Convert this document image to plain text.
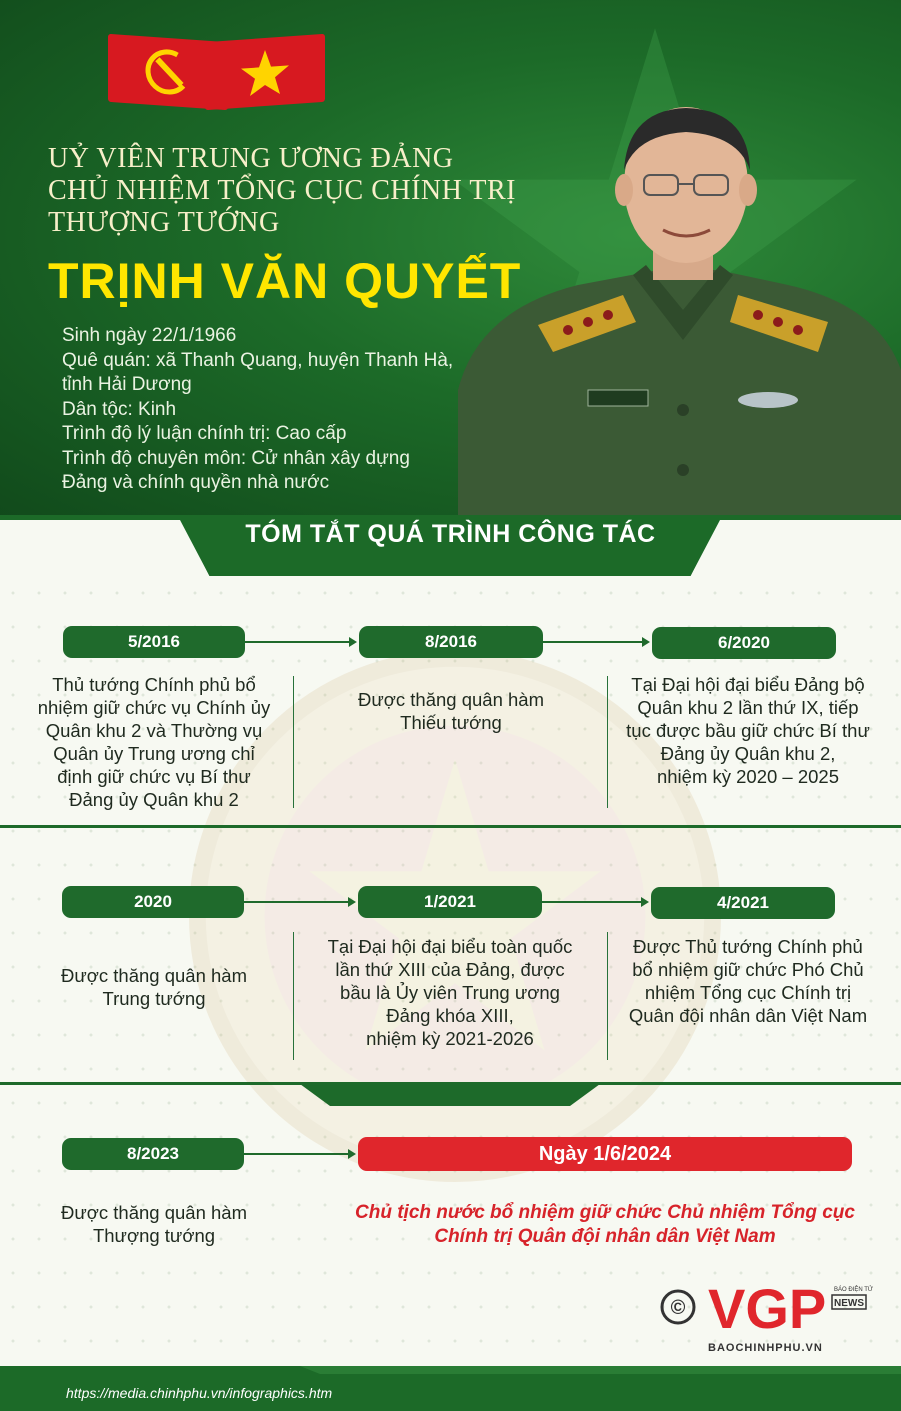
UỶ VIÊN TRUNG ƯƠNG ĐẢNG
CHỦ NHIỆM TỔNG CỤC CHÍNH TRỊ
THƯỢNG TƯỚNG
TRỊNH VĂN QUYẾT
Sinh ngày 22/1/1966
Quê quán: xã Thanh Quang, huyện Thanh Hà,
tỉnh Hải Dương
Dân tộc: Kinh
Trình độ lý luận chính trị: Cao cấp
Trình độ chuyên môn: Cử nhân xây dựng
Đảng và chính quyền nhà nước
TÓM TẮT QUÁ TRÌNH CÔNG TÁC
5/2016	8/2016	6/2020

Thủ tướng Chính phủ bổ
nhiệm giữ chức vụ Chính ủy
Quân khu 2 và Thường vụ
Quân ủy Trung ương chỉ
định giữ chức vụ Bí thư
Đảng ủy Quân khu 2

Được thăng quân hàm
Thiếu tướng

Tại Đại hội đại biểu Đảng bộ
Quân khu 2 lần thứ IX, tiếp
tục được bầu giữ chức Bí thư
Đảng ủy Quân khu 2,
nhiệm kỳ 2020 – 2025

2020	1/2021	4/2021

Được thăng quân hàm
Trung tướng

Tại Đại hội đại biểu toàn quốc
lần thứ XIII của Đảng, được
bầu là Ủy viên Trung ương
Đảng khóa XIII,
nhiệm kỳ 2021-2026

Được Thủ tướng Chính phủ
bổ nhiệm giữ chức Phó Chủ
nhiệm Tổng cục Chính trị
Quân đội nhân dân Việt Nam

8/2023	Ngày 1/6/2024

Được thăng quân hàm
Thượng tướng

Chủ tịch nước bổ nhiệm giữ chức Chủ nhiệm Tổng cục
Chính trị Quân đội nhân dân Việt Nam

© VGP BÁO ĐIỆN TỬ
NEWS

BAOCHINHPHU.VN

https://media.chinhphu.vn/infographics.htm
